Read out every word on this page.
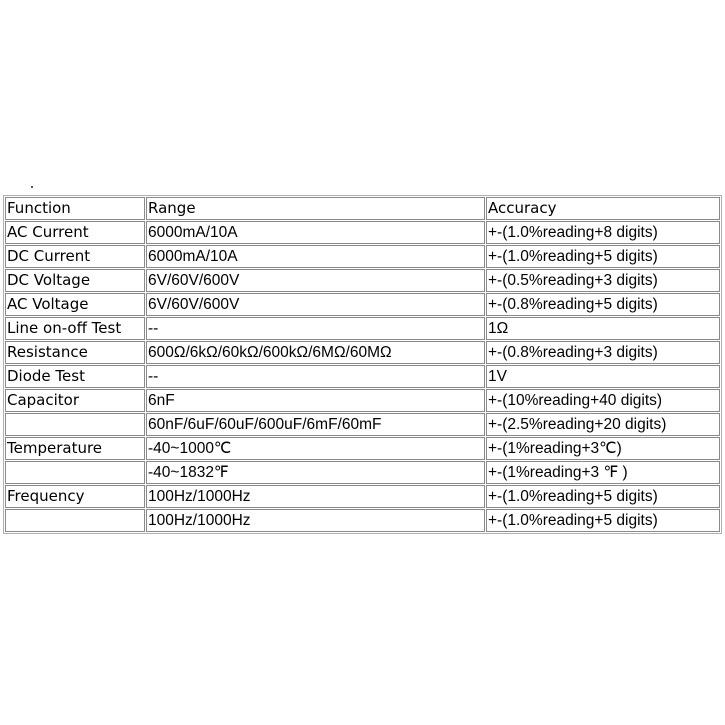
Function	Range	Accuracy
AC Current	6000mA/10A	+-(1.0%reading+8 digits)
DC Current	6000mA/10A	+-(1.0%reading+5 digits)
DC Voltage	6V/60V/600V	+-(0.5%reading+3 digits)
AC Voltage	6V/60V/600V	+-(0.8%reading+5 digits)
Line on-off Test	--	1Ω
Resistance	600Ω/6kΩ/60kΩ/600kΩ/6MΩ/60MΩ	+-(0.8%reading+3 digits)
Diode Test	--	1V
Capacitor	6nF	+-(10%reading+40 digits)
	60nF/6uF/60uF/600uF/6mF/60mF	+-(2.5%reading+20 digits)
Temperature	-40~1000℃	+-(1%reading+3℃)
	-40~1832℉	+-(1%reading+3 ℉ )
Frequency	100Hz/1000Hz	+-(1.0%reading+5 digits)
	100Hz/1000Hz	+-(1.0%reading+5 digits)
